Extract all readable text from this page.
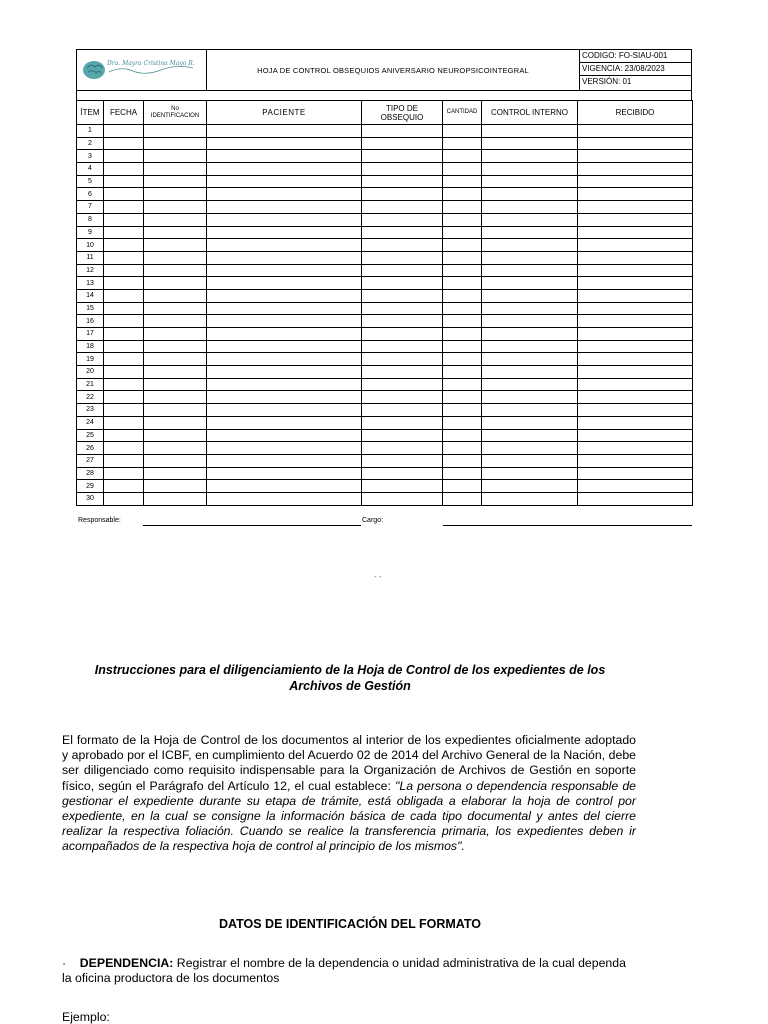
Dra. Mayra Cristina Mayo R.
HOJA DE CONTROL OBSEQUIOS ANIVERSARIO NEUROPSICOINTEGRAL
CODIGO: FO-SIAU-001
VIGENCIA: 23/08/2023
VERSIÓN: 01
ÍTEM	FECHA	No IDENTIFICACION	PACIENTE	TIPO DE OBSEQUIO	CANTIDAD	CONTROL INTERNO	RECIBIDO
1							
2							
3							
4							
5							
6							
7							
8							
9							
10							
11							
12							
13							
14							
15							
16							
17							
18							
19							
20							
21							
22							
23							
24							
25							
26							
27							
28							
29							
30							
Responsable:	Cargo:
- -
Instrucciones para el diligenciamiento de la Hoja de Control de los expedientes de los
Archivos de Gestión
El formato de la Hoja de Control de los documentos al interior de los expedientes oficialmente adoptado y aprobado por el ICBF, en cumplimiento del Acuerdo 02 de 2014 del Archivo General de la Nación, debe ser diligenciado como requisito indispensable para la Organización de Archivos de Gestión en soporte físico, según el Parágrafo del Artículo 12, el cual establece: "La persona o dependencia responsable de gestionar el expediente durante su etapa de trámite, está obligada a elaborar la hoja de control por expediente, en la cual se consigne la información básica de cada tipo documental y antes del cierre realizar la respectiva foliación. Cuando se realice la transferencia primaria, los expedientes deben ir acompañados de la respectiva hoja de control al principio de los mismos".
DATOS DE IDENTIFICACIÓN DEL FORMATO
· DEPENDENCIA: Registrar el nombre de la dependencia o unidad administrativa de la cual dependa la oficina productora de los documentos
Ejemplo:
